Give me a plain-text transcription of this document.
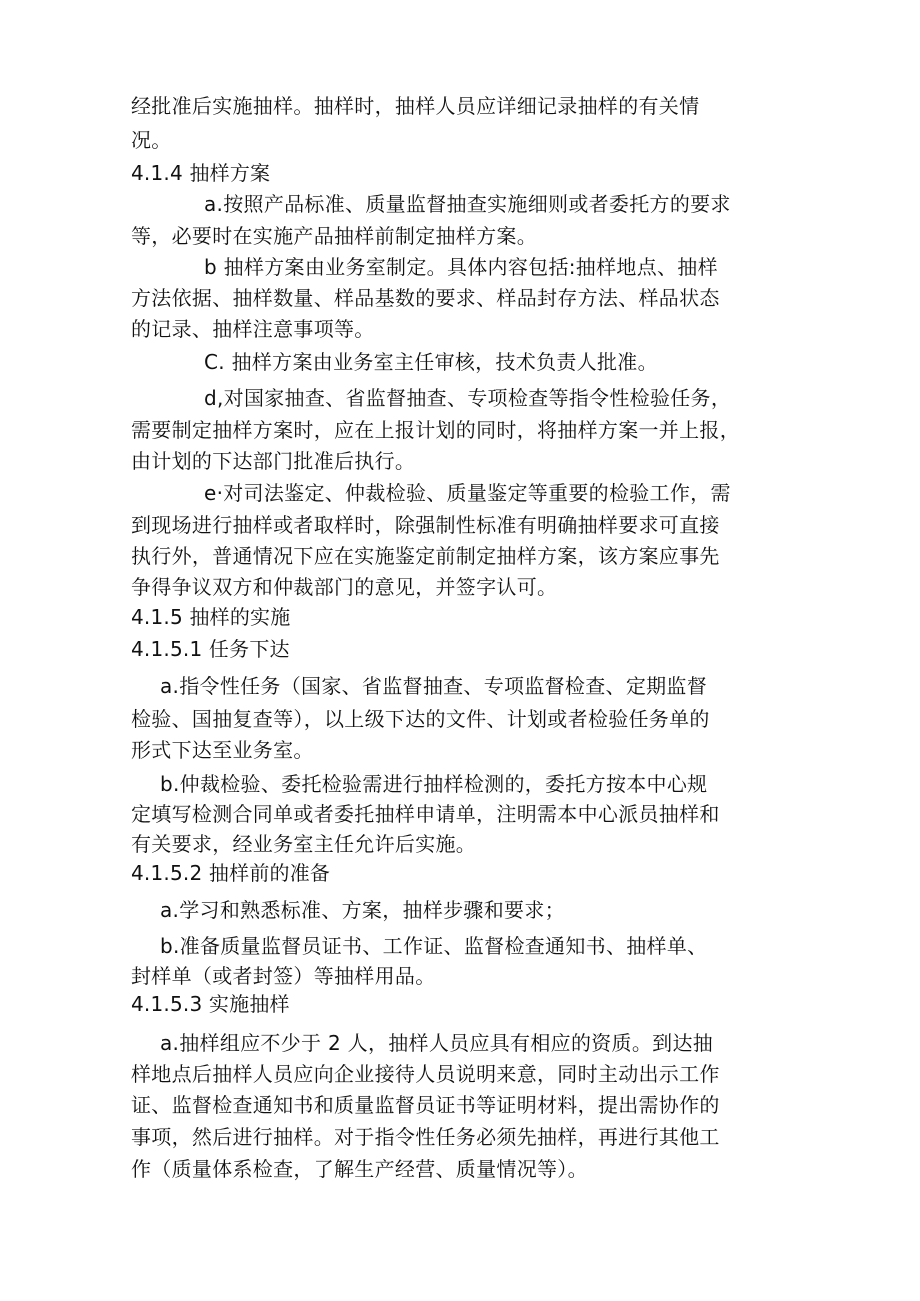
经批准后实施抽样。抽样时，抽样人员应详细记录抽样的有关情
况。
4.1.4 抽样方案
a.按照产品标准、质量监督抽查实施细则或者委托方的要求
等，必要时在实施产品抽样前制定抽样方案。
b 抽样方案由业务室制定。具体内容包括:抽样地点、抽样
方法依据、抽样数量、样品基数的要求、样品封存方法、样品状态
的记录、抽样注意事项等。
C. 抽样方案由业务室主任审核，技术负责人批准。
d,对国家抽查、省监督抽查、专项检查等指令性检验任务，
需要制定抽样方案时，应在上报计划的同时，将抽样方案一并上报，
由计划的下达部门批准后执行。
e·对司法鉴定、仲裁检验、质量鉴定等重要的检验工作，需
到现场进行抽样或者取样时，除强制性标准有明确抽样要求可直接
执行外，普通情况下应在实施鉴定前制定抽样方案，该方案应事先
争得争议双方和仲裁部门的意见，并签字认可。
4.1.5 抽样的实施
4.1.5.1 任务下达
a.指令性任务（国家、省监督抽查、专项监督检查、定期监督
检验、国抽复查等），以上级下达的文件、计划或者检验任务单的
形式下达至业务室。
b.仲裁检验、委托检验需进行抽样检测的，委托方按本中心规
定填写检测合同单或者委托抽样申请单，注明需本中心派员抽样和
有关要求，经业务室主任允许后实施。
4.1.5.2 抽样前的准备
a.学习和熟悉标准、方案，抽样步骤和要求；
b.准备质量监督员证书、工作证、监督检查通知书、抽样单、
封样单（或者封签）等抽样用品。
4.1.5.3 实施抽样
a.抽样组应不少于 2 人，抽样人员应具有相应的资质。到达抽
样地点后抽样人员应向企业接待人员说明来意，同时主动出示工作
证、监督检查通知书和质量监督员证书等证明材料，提出需协作的
事项，然后进行抽样。对于指令性任务必须先抽样，再进行其他工
作（质量体系检查，了解生产经营、质量情况等）。
